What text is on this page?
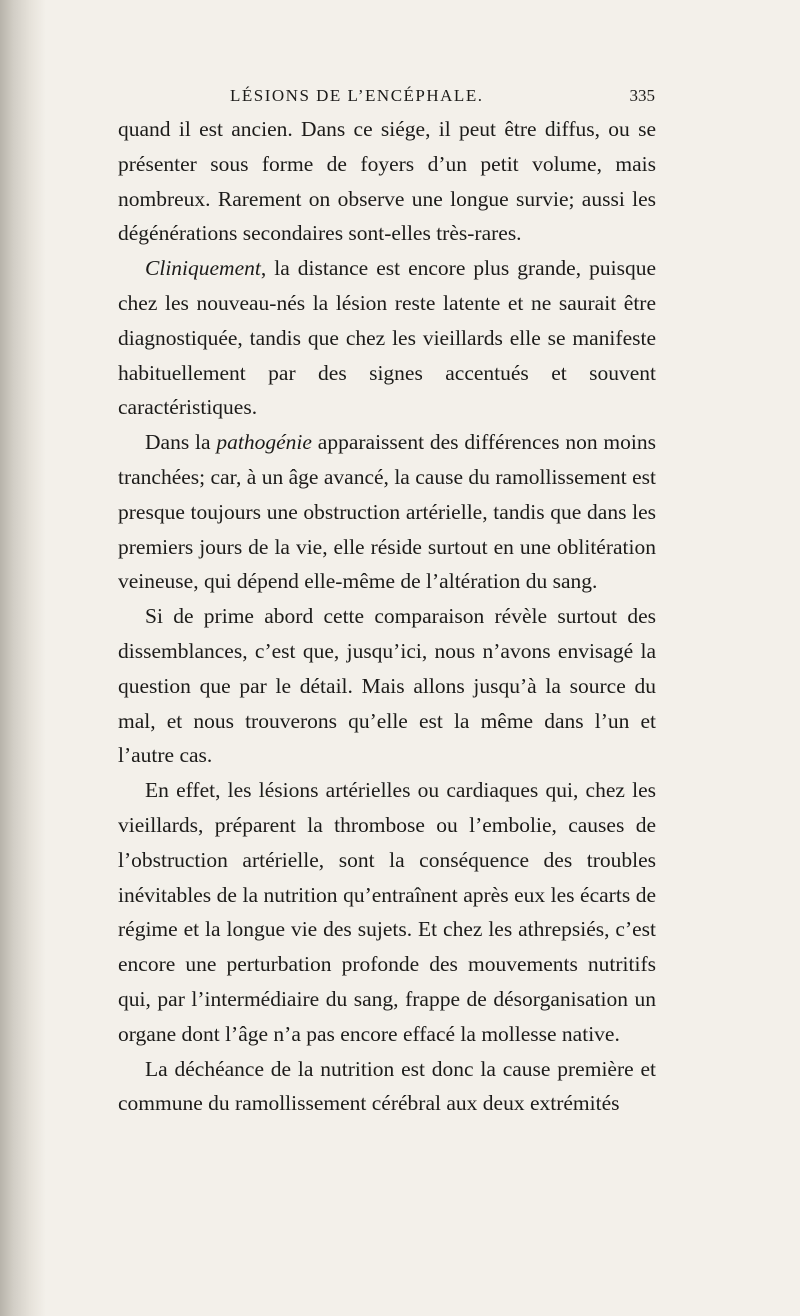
LÉSIONS DE L’ENCÉPHALE.	335

quand il est ancien. Dans ce siége, il peut être diffus, ou se présenter sous forme de foyers d’un petit volume, mais nombreux. Rarement on observe une longue survie; aussi les dégénérations secondaires sont-elles très-rares.

Cliniquement, la distance est encore plus grande, puisque chez les nouveau-nés la lésion reste latente et ne saurait être diagnostiquée, tandis que chez les vieillards elle se manifeste habituellement par des signes accentués et souvent caractéristiques.

Dans la pathogénie apparaissent des différences non moins tranchées; car, à un âge avancé, la cause du ramollissement est presque toujours une obstruction artérielle, tandis que dans les premiers jours de la vie, elle réside surtout en une oblitération veineuse, qui dépend elle-même de l’altération du sang.

Si de prime abord cette comparaison révèle surtout des dissemblances, c’est que, jusqu’ici, nous n’avons envisagé la question que par le détail. Mais allons jusqu’à la source du mal, et nous trouverons qu’elle est la même dans l’un et l’autre cas.

En effet, les lésions artérielles ou cardiaques qui, chez les vieillards, préparent la thrombose ou l’embolie, causes de l’obstruction artérielle, sont la conséquence des troubles inévitables de la nutrition qu’entraînent après eux les écarts de régime et la longue vie des sujets. Et chez les athrepsiés, c’est encore une perturbation profonde des mouvements nutritifs qui, par l’intermédiaire du sang, frappe de désorganisation un organe dont l’âge n’a pas encore effacé la mollesse native.

La déchéance de la nutrition est donc la cause première et commune du ramollissement cérébral aux deux extrémités
